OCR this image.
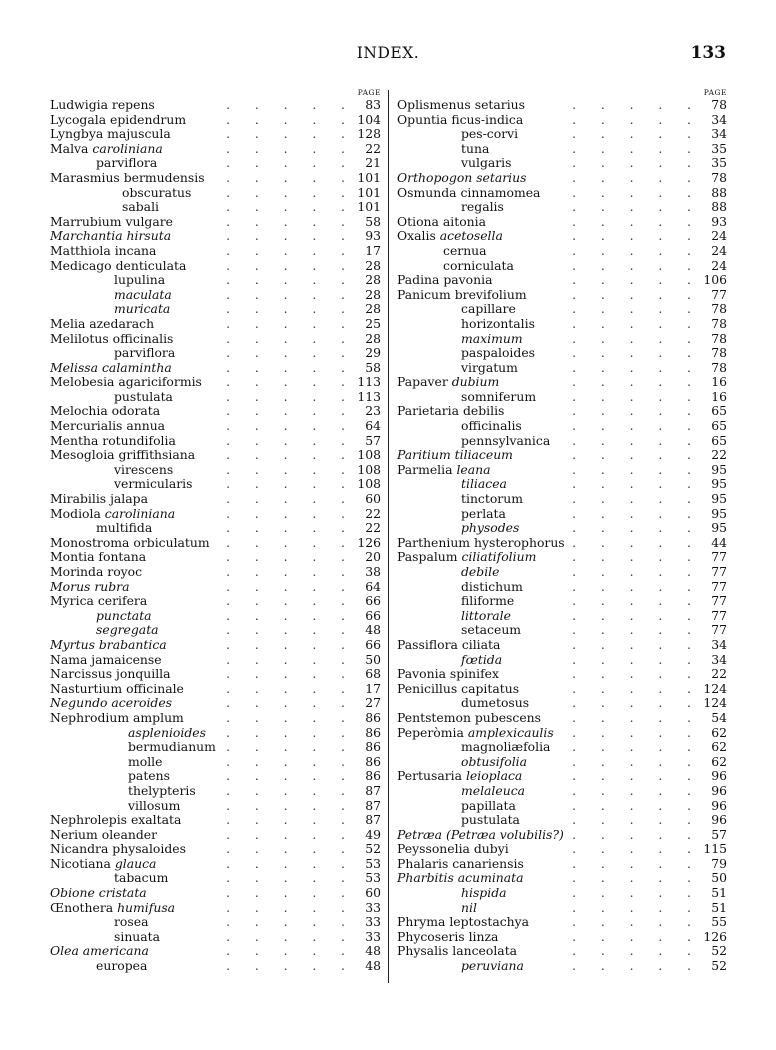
INDEX.	133
PAGE
Ludwigia repens	.  .  .  .  .	83
Lycogala epidendrum	.  .  .  .  . 104
Lyngbya majuscula	.  .  .  .  . 128
Malva caroliniana	.  .  .  .  .	22
parviflora	.  .  .  .  .	21
Marasmius bermudensis	.  .  .  .  . 101
obscuratus	.  .  .  .  . 101
sabali	.  .  .  .  . 101
Marrubium vulgare	.  .  .  .  .	58
Marchantia hirsuta	.  .  .  .  .	93
Matthiola incana	.  .  .  .  .	17
Medicago denticulata	.  .  .  .  .	28
lupulina	.  .  .  .  .	28
maculata	.  .  .  .  .	28
muricata	.  .  .  .  .	28
Melia azedarach	.  .  .  .  .	25
Melilotus officinalis	.  .  .  .  .	28
parviflora	.  .  .  .  .	29
Melissa calamintha	.  .  .  .  .	58
Melobesia agariciformis	.  .  .  .  . 113
pustulata	.  .  .  .  . 113
Melochia odorata	.  .  .  .  .	23
Mercurialis annua	.  .  .  .  .	64
Mentha rotundifolia	.  .  .  .  .	57
Mesogloia griffithsiana	.  .  .  .  . 108
virescens	.  .  .  .  . 108
vermicularis	.  .  .  .  . 108
Mirabilis jalapa	.  .  .  .  .	60
Modiola caroliniana	.  .  .  .  .	22
multifida	.  .  .  .  .	22
Monostroma orbiculatum	.  .  .  .  . 126
Montia fontana	.  .  .  .  .	20
Morinda royoc	.  .  .  .  .	38
Morus rubra	.  .  .  .  .	64
Myrica cerifera	.  .  .  .  .	66
punctata	.  .  .  .  .	66
segregata	.  .  .  .  .	48
Myrtus brabantica	.  .  .  .  .	66
Nama jamaicense	.  .  .  .  .	50
Narcissus jonquilla	.  .  .  .  .	68
Nasturtium officinale	.  .  .  .  .	17
Negundo aceroides	.  .  .  .  .	27
Nephrodium amplum	.  .  .  .  .	86
asplenioides	.  .  .  .  .	86
bermudianum .  .  .  .  .	86
molle	.  .  .  .  .	86
patens	.  .  .  .  .	86
thelypteris	.  .  .  .  .	87
villosum	.  .  .  .  .	87
Nephrolepis exaltata	.  .  .  .  .	87
Nerium oleander	.  .  .  .  .	49
Nicandra physaloides	.  .  .  .  .	52
Nicotiana glauca	.  .  .  .  .	53
tabacum	.  .  .  .  .	53
Obione cristata	.  .  .  .  .	60
Œnothera humifusa	.  .  .  .  .	33
rosea	.  .  .  .  .	33
sinuata	.  .  .  .  .	33
Olea americana	.  .  .  .  .	48
europea	.  .  .  .  .	48
PAGE
Oplismenus setarius	.  .  .  .  .	78
Opuntia ficus-indica	.  .  .  .  .	34
pes-corvi	.  .  .  .  .	34
tuna	.  .  .  .  .	35
vulgaris	.  .  .  .  .	35
Orthopogon setarius	.  .  .  .  .	78
Osmunda cinnamomea	.  .  .  .  .	88
regalis	.  .  .  .  .	88
Otiona aitonia	.  .  .  .  .	93
Oxalis acetosella	.  .  .  .  .	24
cernua	.  .  .  .  .	24
corniculata	.  .  .  .  .	24
Padina pavonia	.  .  .  .  . 106
Panicum brevifolium	.  .  .  .  .	77
capillare	.  .  .  .  .	78
horizontalis	.  .  .  .  .	78
maximum	.  .  .  .  .	78
paspaloides	.  .  .  .  .	78
virgatum	.  .  .  .  .	78
Papaver dubium	.  .  .  .  .	16
somniferum	.  .  .  .  .	16
Parietaria debilis	.  .  .  .  .	65
officinalis	.  .  .  .  .	65
pennsylvanica	.  .  .  .  .	65
Paritium tiliaceum	.  .  .  .  .	22
Parmelia leana	.  .  .  .  .	95
tiliacea	.  .  .  .  .	95
tinctorum	.  .  .  .  .	95
perlata	.  .  .  .  .	95
physodes	.  .  .  .  .	95
Parthenium hysterophorus .  .  .  .  .	44
Paspalum ciliatifolium	.  .  .  .  .	77
debile	.  .  .  .  .	77
distichum	.  .  .  .  .	77
filiforme	.  .  .  .  .	77
littorale	.  .  .  .  .	77
setaceum	.  .  .  .  .	77
Passiflora ciliata	.  .  .  .  .	34
fœtida	.  .  .  .  .	34
Pavonia spinifex	.  .  .  .  .	22
Penicillus capitatus	.  .  .  .  . 124
dumetosus	.  .  .  .  . 124
Pentstemon pubescens	.  .  .  .  .	54
Peperòmia amplexicaulis	.  .  .  .  .	62
magnoliæfolia	.  .  .  .  .	62
obtusifolia	.  .  .  .  .	62
Pertusaria leioplaca	.  .  .  .  .	96
melaleuca	.  .  .  .  .	96
papillata	.  .  .  .  .	96
pustulata	.  .  .  .  .	96
Petræa (Petræa volubilis?) .  .  .  .  .	57
Peyssonelia dubyi	.  .  .  .  . 115
Phalaris canariensis	.  .  .  .  .	79
Pharbitis acuminata	.  .  .  .  .	50
hispida	.  .  .  .  .	51
nil	.  .  .  .  .	51
Phryma leptostachya	.  .  .  .  .	55
Phycoseris linza	.  .  .  .  . 126
Physalis lanceolata	.  .  .  .  .	52
peruviana	.  .  .  .  .	52
